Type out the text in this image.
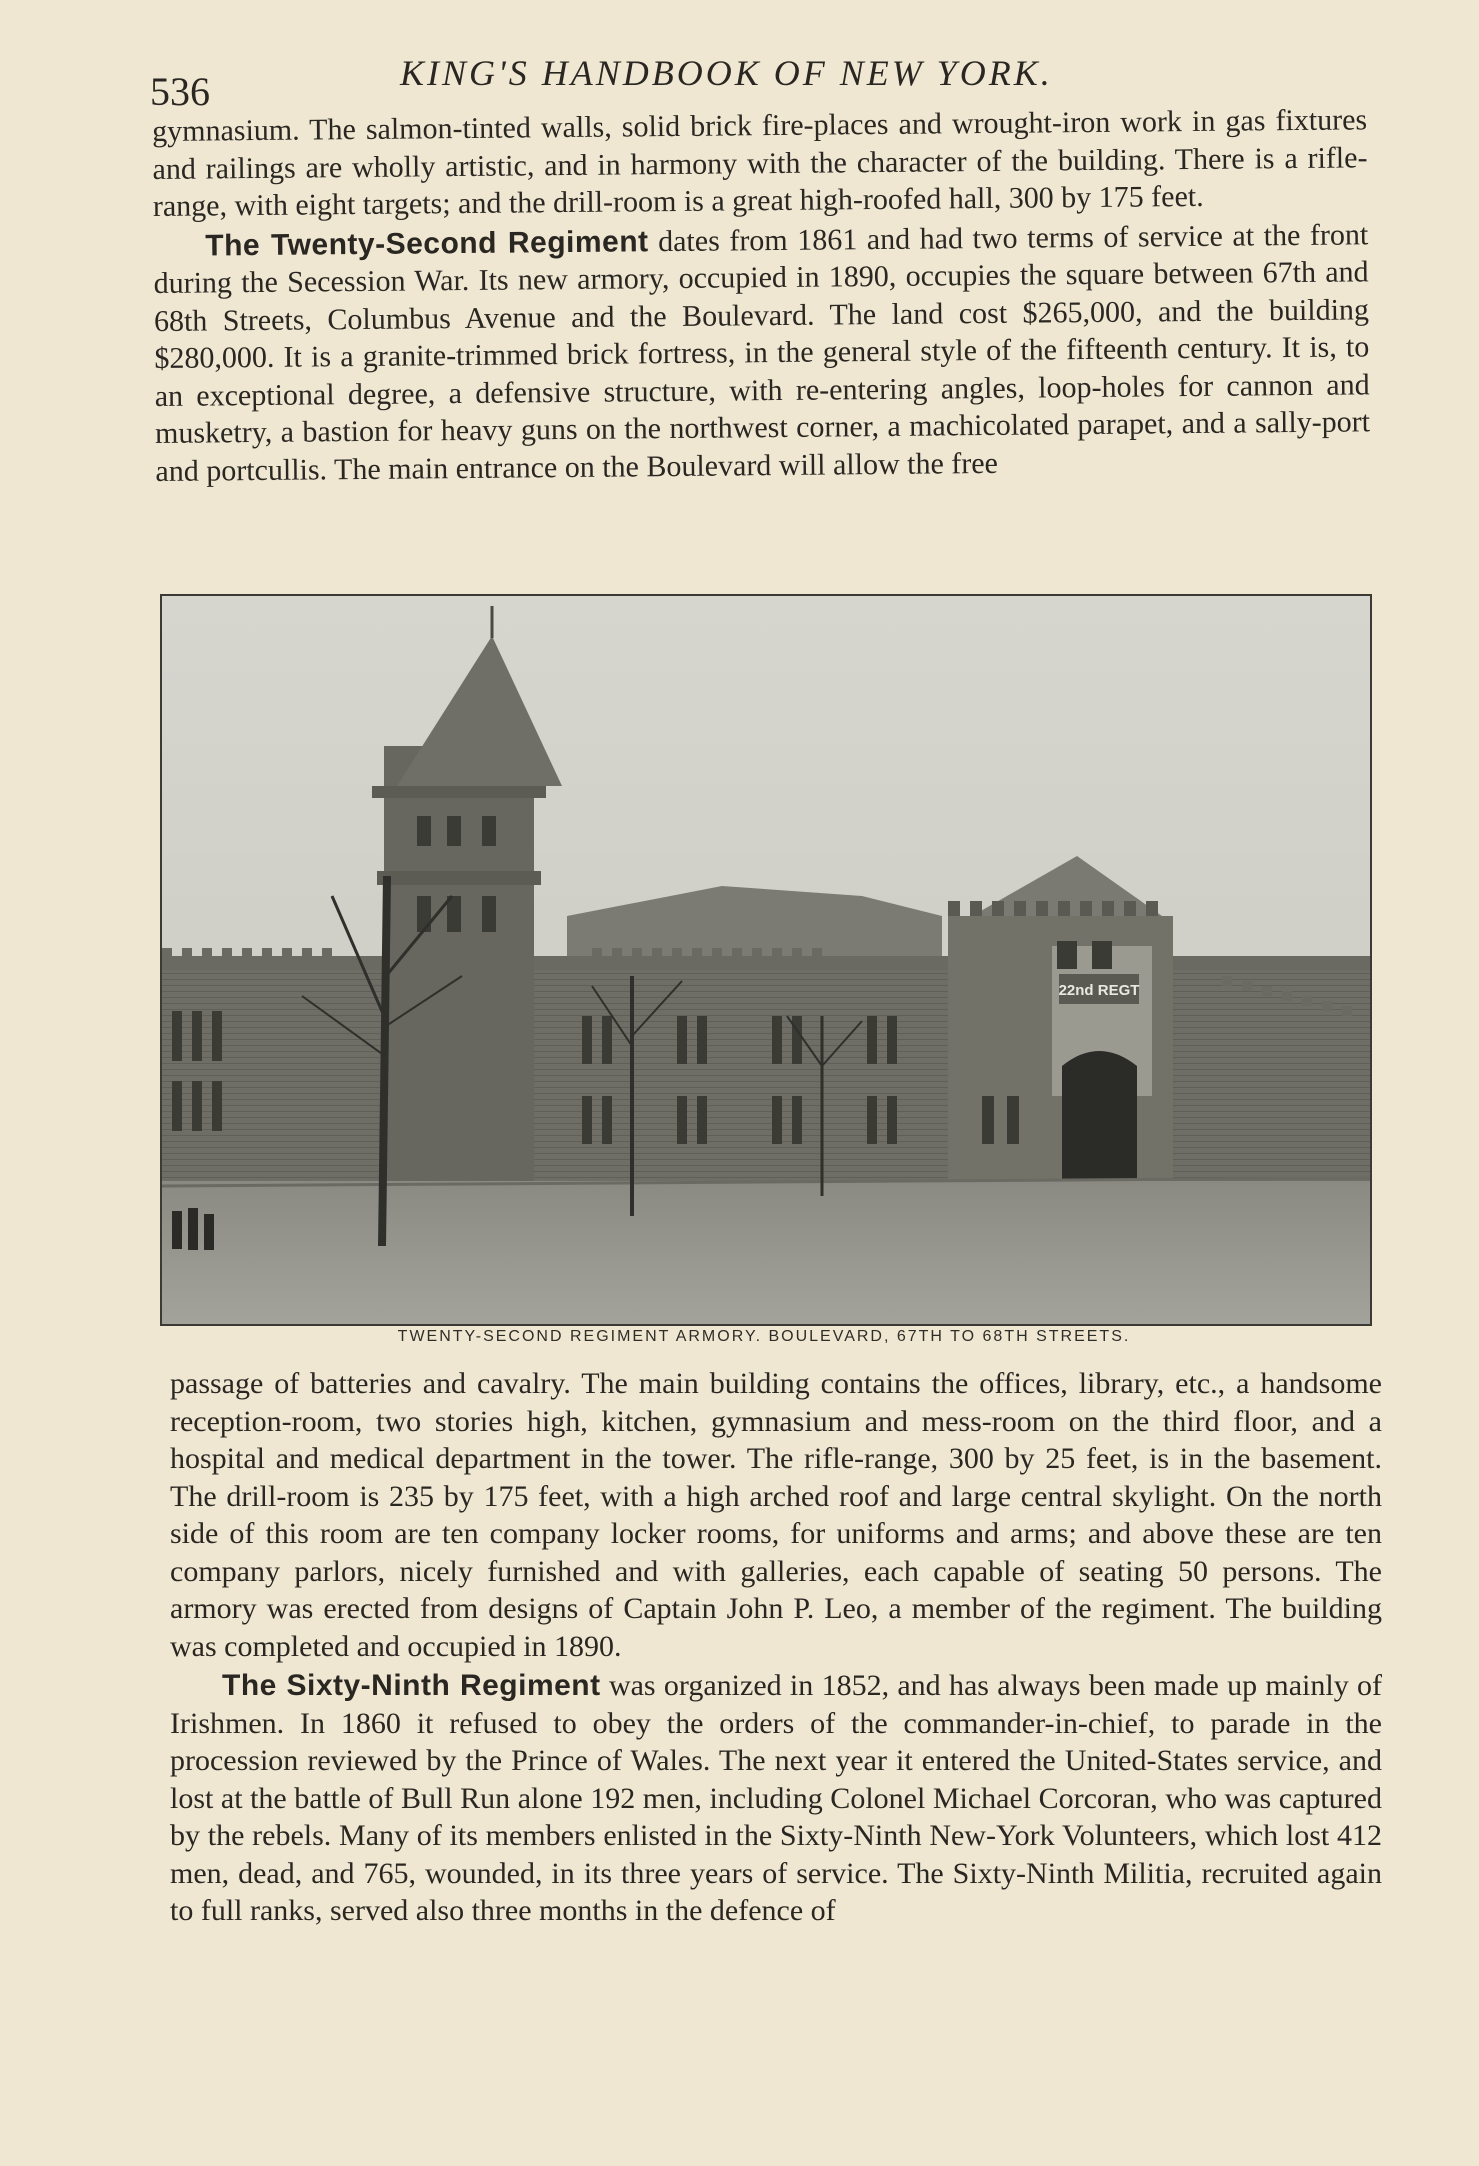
536	KING'S HANDBOOK OF NEW YORK.

gymnasium. The salmon-tinted walls, solid brick fire-places and wrought-iron work in gas fixtures and railings are wholly artistic, and in harmony with the character of the building. There is a rifle-range, with eight targets; and the drill-room is a great high-roofed hall, 300 by 175 feet.

The Twenty-Second Regiment dates from 1861 and had two terms of service at the front during the Secession War. Its new armory, occupied in 1890, occupies the square between 67th and 68th Streets, Columbus Avenue and the Boulevard. The land cost $265,000, and the building $280,000. It is a granite-trimmed brick fortress, in the general style of the fifteenth century. It is, to an exceptional degree, a defensive structure, with re-entering angles, loop-holes for cannon and musketry, a bastion for heavy guns on the northwest corner, a machicolated parapet, and a sally-port and portcullis. The main entrance on the Boulevard will allow the free

22nd REGT
TWENTY-SECOND REGIMENT ARMORY. BOULEVARD, 67TH TO 68TH STREETS.

passage of batteries and cavalry. The main building contains the offices, library, etc., a handsome reception-room, two stories high, kitchen, gymnasium and mess-room on the third floor, and a hospital and medical department in the tower. The rifle-range, 300 by 25 feet, is in the basement. The drill-room is 235 by 175 feet, with a high arched roof and large central skylight. On the north side of this room are ten company locker rooms, for uniforms and arms; and above these are ten company parlors, nicely furnished and with galleries, each capable of seating 50 persons. The armory was erected from designs of Captain John P. Leo, a member of the regiment. The building was completed and occupied in 1890.

The Sixty-Ninth Regiment was organized in 1852, and has always been made up mainly of Irishmen. In 1860 it refused to obey the orders of the commander-in-chief, to parade in the procession reviewed by the Prince of Wales. The next year it entered the United-States service, and lost at the battle of Bull Run alone 192 men, including Colonel Michael Corcoran, who was captured by the rebels. Many of its members enlisted in the Sixty-Ninth New-York Volunteers, which lost 412 men, dead, and 765, wounded, in its three years of service. The Sixty-Ninth Militia, recruited again to full ranks, served also three months in the defence of
